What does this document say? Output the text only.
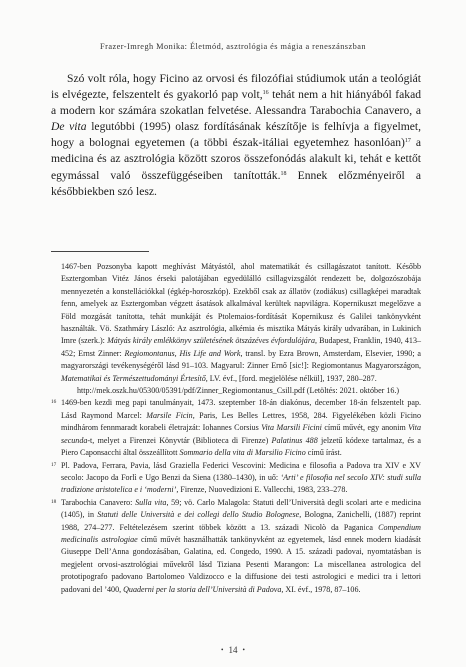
Frazer-Imregh Monika: Életmód, asztrológia és mágia a reneszánszban

Szó volt róla, hogy Ficino az orvosi és filozófiai stúdiumok után a teológiát is elvégezte, felszentelt és gyakorló pap volt,$^{16}$ tehát nem a hit hiányából fakad a modern kor számára szokatlan felvetése. Alessandra Tarabochia Canavero, a De vita legutóbbi (1995) olasz fordításának készítője is felhívja a figyelmet, hogy a bolognai egyetemen (a többi észak-itáliai egyetemhez hasonlóan)$^{17}$ a medicina és az asztrológia között szoros összefonódás alakult ki, tehát e kettőt egymással való összefüggéseiben tanították.$^{18}$ Ennek előzményeiről a későbbiekben szó lesz.

1467-ben Pozsonyba kapott meghívást Mátyástól, ahol matematikát és csillagászatot tanított. Később Esztergomban Vitéz János érseki palotájában egyedülálló csillagvizsgálót rendezett be, dolgozószobája mennyezetén a konstellációkkal (égkép-horoszkóp). Ezekből csak az állatöv (zodiákus) csillagképei maradtak fenn, amelyek az Esztergomban végzett ásatások alkalmával kerültek napvilágra. Kopernikuszt megelőzve a Föld mozgását tanította, tehát munkáját és Ptolemaios-fordítását Kopernikusz és Galilei tankönyvként használták. Vö. Szathmáry László: Az asztrológia, alkémia és misztika Mátyás király udvarában, in Lukinich Imre (szerk.): Mátyás király emlékkönyv születésének ötszázéves évfordulójára, Budapest, Franklin, 1940, 413–452; Ernst Zinner: Regiomontanus, His Life and Work, transl. by Ezra Brown, Amsterdam, Elsevier, 1990; a magyarországi tevékenységéről lásd 91–103. Magyarul: Zinner Ernő [sic!]: Regiomontanus Magyarországon, Matematikai és Természettudományi Értesítő, LV. évf., [ford. megjelölése nélkül], 1937, 280–287.
http://mek.oszk.hu/05300/05391/pdf/Zinner_Regiomontanus_Csill.pdf (Letöltés: 2021. október 16.)

16 1469-ben kezdi meg papi tanulmányait, 1473. szeptember 18-án diakónus, december 18-án felszentelt pap. Lásd Raymond Marcel: Marsile Ficin, Paris, Les Belles Lettres, 1958, 284. Figyelékében közli Ficino mindhárom fennmaradt korabeli életrajzát: Iohannes Corsius Vita Marsili Ficini című művét, egy anonim Vita secunda-t, melyet a Firenzei Könyvtár (Biblioteca di Firenze) Palatinus 488 jelzetű kódexe tartalmaz, és a Piero Caponsacchi által összeállított Sommario della vita di Marsilio Ficino című írást.

17 Pl. Padova, Ferrara, Pavia, lásd Graziella Federici Vescovini: Medicina e filosofia a Padova tra XIV e XV secolo: Jacopo da Forlì e Ugo Benzi da Siena (1380–1430), in uő: ‘Arti’ e filosofia nel secolo XIV: studi sulla tradizione aristotelica e i ‘moderni’, Firenze, Nuovedizioni E. Vallecchi, 1983, 233–278.

18 Tarabochia Canavero: Sulla vita, 59; vö. Carlo Malagola: Statuti dell’Università degli scolari arte e medicina (1405), in Statuti delle Università e dei collegi dello Studio Bolognese, Bologna, Zanichelli, (1887) reprint 1988, 274–277. Feltételezésem szerint többek között a 13. századi Nicolò da Paganica Compendium medicinalis astrologiae című művét használhatták tankönyvként az egyetemek, lásd ennek modern kiadását Giuseppe Dell’Anna gondozásában, Galatina, ed. Congedo, 1990. A 15. századi padovai, nyomtatásban is megjelent orvosi-asztrológiai művekről lásd Tiziana Pesenti Marangon: La miscellanea astrologica del prototipografo padovano Bartolomeo Valdizocco e la diffusione dei testi astrologici e medici tra i lettori padovani del ’400, Quaderni per la storia dell’Università di Padova, XI. évf., 1978, 87–106.

• 14 •
